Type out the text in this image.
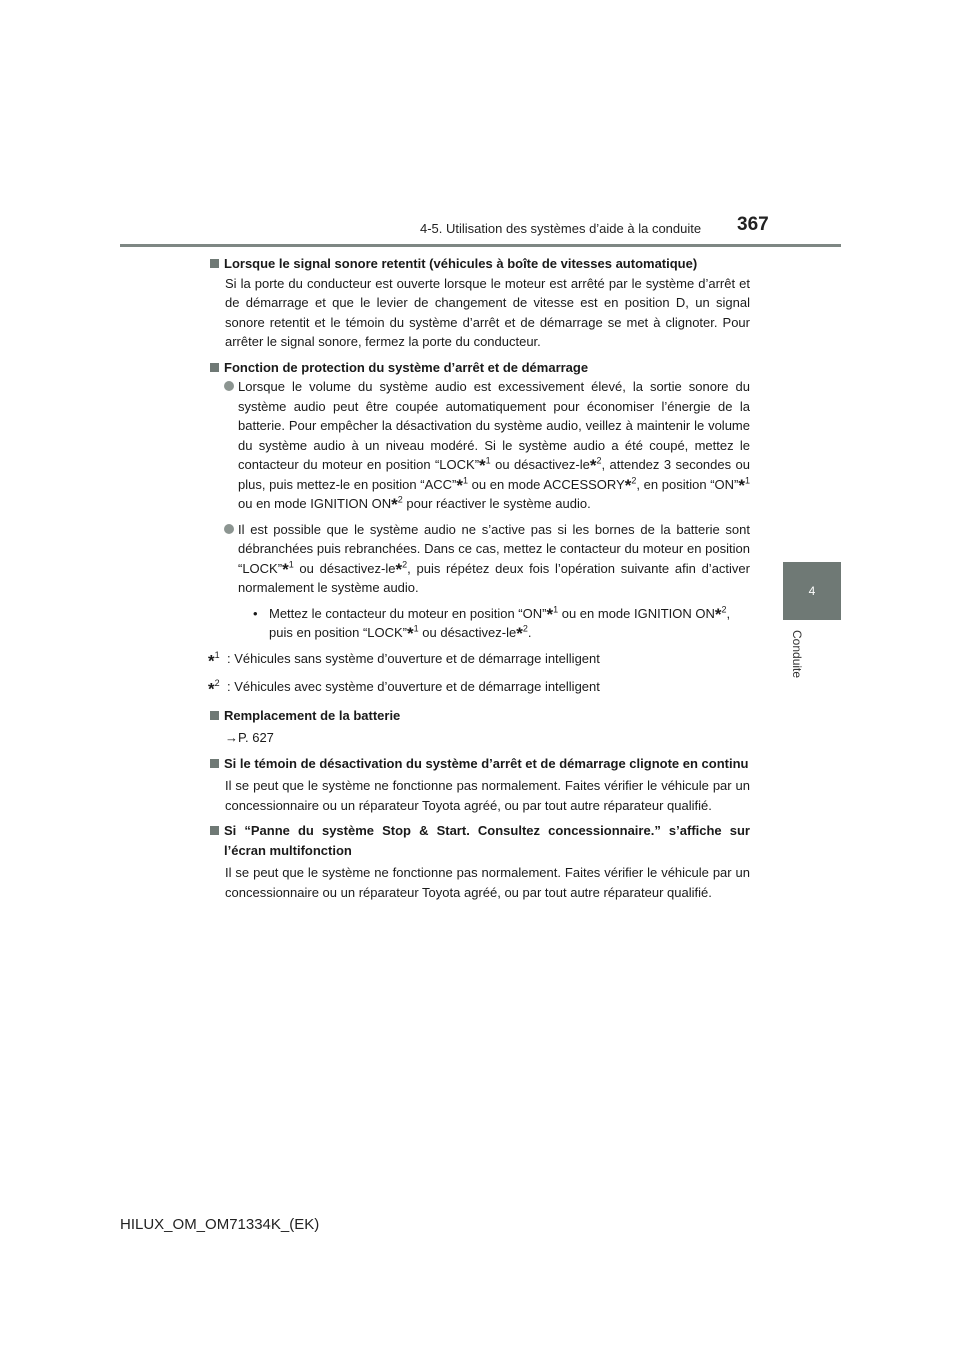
4-5. Utilisation des systèmes d’aide à la conduite 367
4
Conduite
Lorsque le signal sonore retentit (véhicules à boîte de vitesses automatique)
Si la porte du conducteur est ouverte lorsque le moteur est arrêté par le système d’arrêt et de démarrage et que le levier de changement de vitesse est en position D, un signal sonore retentit et le témoin du système d’arrêt et de démarrage se met à clignoter. Pour arrêter le signal sonore, fermez la porte du conducteur.
Fonction de protection du système d’arrêt et de démarrage
Lorsque le volume du système audio est excessivement élevé, la sortie sonore du système audio peut être coupée automatiquement pour économiser l’énergie de la batterie. Pour empêcher la désactivation du système audio, veillez à maintenir le volume du système audio à un niveau modéré. Si le système audio a été coupé, mettez le contacteur du moteur en position “LOCK”*$^1$ ou désactivez-le*$^2$, attendez 3 secondes ou plus, puis mettez-le en position “ACC”*$^1$ ou en mode ACCESSORY*$^2$, en position “ON”*$^1$ ou en mode IGNITION ON*$^2$ pour réactiver le système audio.
Il est possible que le système audio ne s’active pas si les bornes de la batterie sont débranchées puis rebranchées. Dans ce cas, mettez le contacteur du moteur en position “LOCK”*$^1$ ou désactivez-le*$^2$, puis répétez deux fois l’opération suivante afin d’activer normalement le système audio.
• Mettez le contacteur du moteur en position “ON”*$^1$ ou en mode IGNITION ON*$^2$, puis en position “LOCK”*$^1$ ou désactivez-le*$^2$.
*$^1$ : Véhicules sans système d’ouverture et de démarrage intelligent
*$^2$ : Véhicules avec système d’ouverture et de démarrage intelligent
Remplacement de la batterie
→P. 627
Si le témoin de désactivation du système d’arrêt et de démarrage clignote en continu
Il se peut que le système ne fonctionne pas normalement. Faites vérifier le véhicule par un concessionnaire ou un réparateur Toyota agréé, ou par tout autre réparateur qualifié.
Si “Panne du système Stop & Start. Consultez concessionnaire.” s’affiche sur l’écran multifonction
Il se peut que le système ne fonctionne pas normalement. Faites vérifier le véhicule par un concessionnaire ou un réparateur Toyota agréé, ou par tout autre réparateur qualifié.
HILUX_OM_OM71334K_(EK)
